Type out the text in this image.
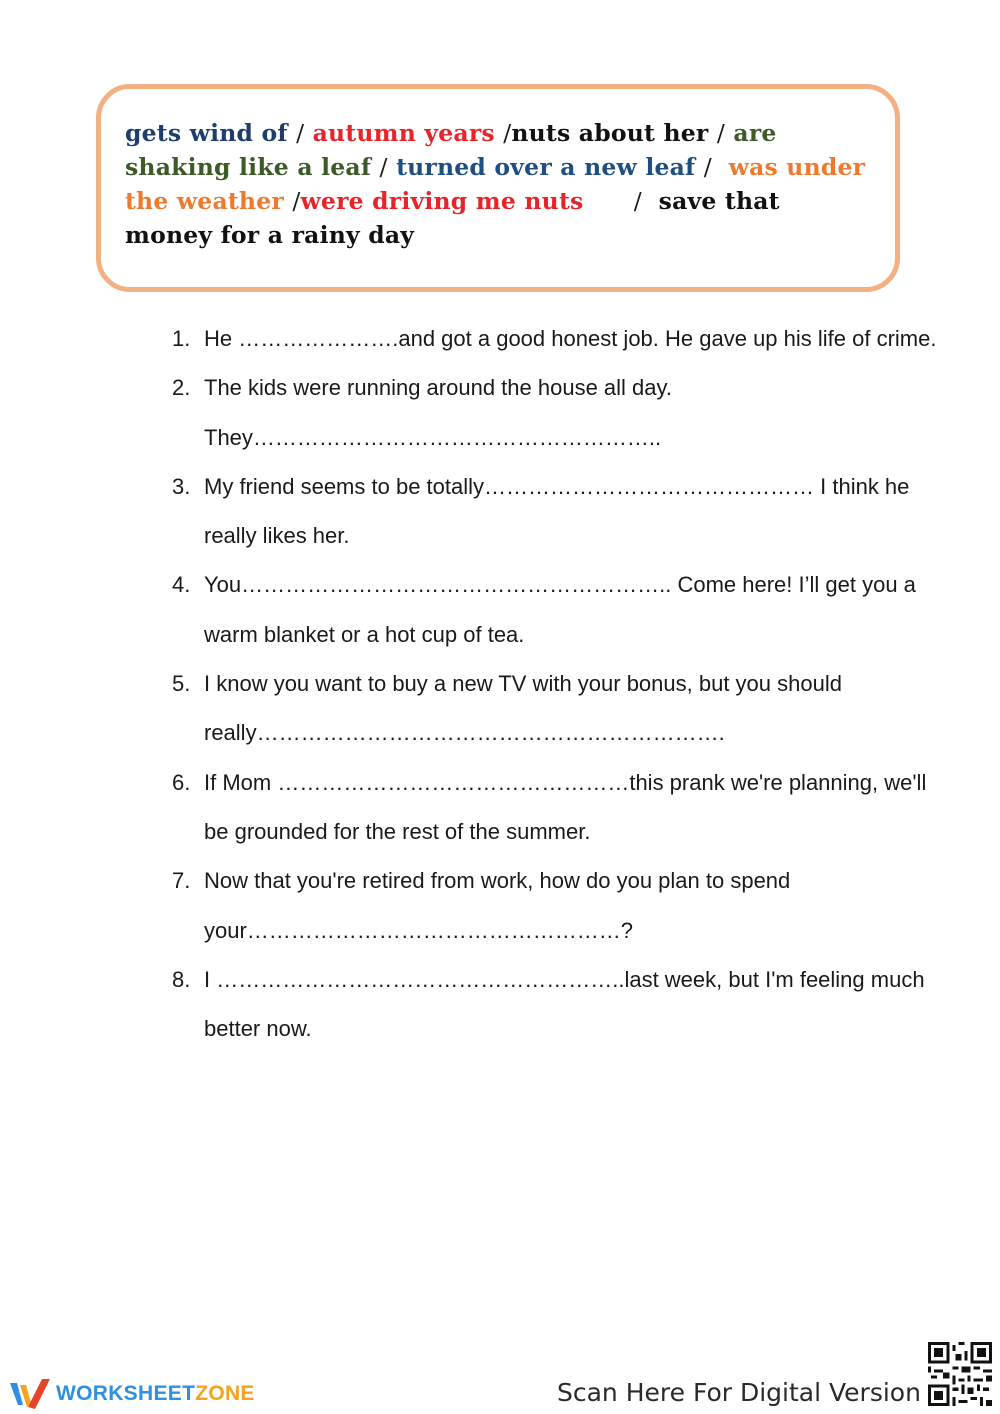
gets wind of / autumn years /nuts about her / are shaking like a leaf / turned over a new leaf / was under the weather /were driving me nuts / save that money for a rainy day

1. He ………………….and got a good honest job. He gave up his life of crime.
2. The kids were running around the house all day. They………………………………………………..
3. My friend seems to be totally……………………………………… I think he really likes her.
4. You………………………………………………….. Come here! I’ll get you a warm blanket or a hot cup of tea.
5. I know you want to buy a new TV with your bonus, but you should really……………………………………………………….
6. If Mom …………………………………………this prank we're planning, we'll be grounded for the rest of the summer.
7. Now that you're retired from work, how do you plan to spend your……………………………………………?
8. I ………………………………………………..last week, but I'm feeling much better now.
WORKSHEETZONE	Scan Here For Digital Version
